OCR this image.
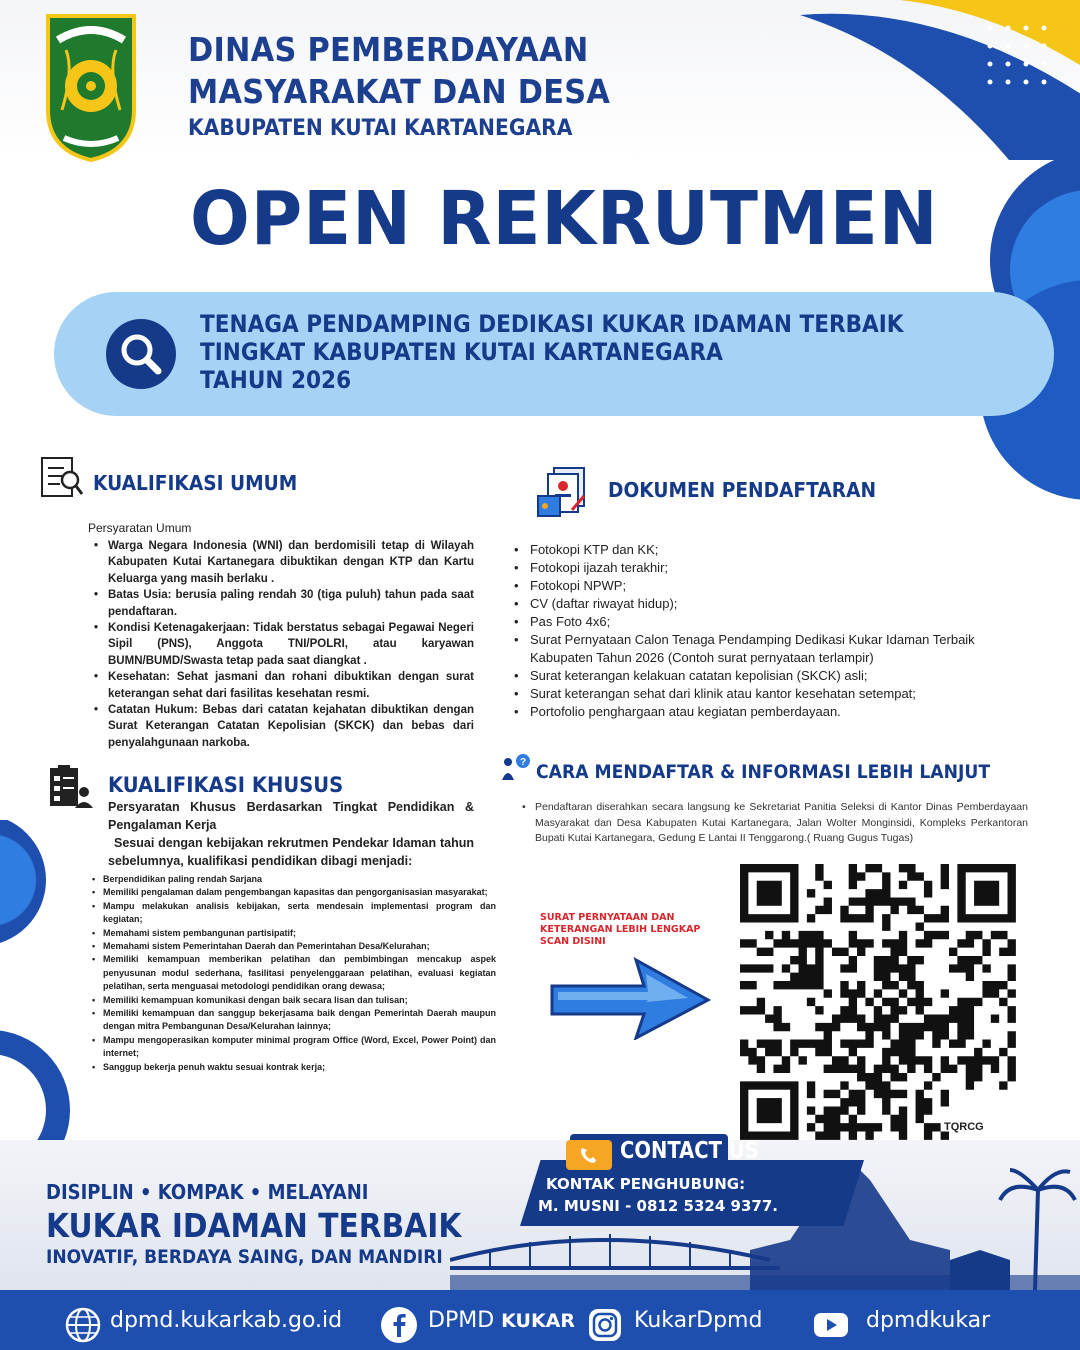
DINAS PEMBERDAYAAN
MASYARAKAT DAN DESA
KABUPATEN KUTAI KARTANEGARA
OPEN REKRUTMEN
TENAGA PENDAMPING DEDIKASI KUKAR IDAMAN TERBAIK
TINGKAT KABUPATEN KUTAI KARTANEGARA
TAHUN 2026
KUALIFIKASI UMUM
Persyaratan Umum
• Warga Negara Indonesia (WNI) dan berdomisili tetap di Wilayah Kabupaten Kutai Kartanegara dibuktikan dengan KTP dan Kartu Keluarga yang masih berlaku .
• Batas Usia: berusia paling rendah 30 (tiga puluh) tahun pada saat pendaftaran.
• Kondisi Ketenagakerjaan: Tidak berstatus sebagai Pegawai Negeri Sipil (PNS), Anggota TNI/POLRI, atau karyawan BUMN/BUMD/Swasta tetap pada saat diangkat .
• Kesehatan: Sehat jasmani dan rohani dibuktikan dengan surat keterangan sehat dari fasilitas kesehatan resmi.
• Catatan Hukum: Bebas dari catatan kejahatan dibuktikan dengan Surat Keterangan Catatan Kepolisian (SKCK) dan bebas dari penyalahgunaan narkoba.
KUALIFIKASI KHUSUS
Persyaratan Khusus Berdasarkan Tingkat Pendidikan & Pengalaman Kerja
Sesuai dengan kebijakan rekrutmen Pendekar Idaman tahun sebelumnya, kualifikasi pendidikan dibagi menjadi:
• Berpendidikan paling rendah Sarjana
• Memiliki pengalaman dalam pengembangan kapasitas dan pengorganisasian masyarakat;
• Mampu melakukan analisis kebijakan, serta mendesain implementasi program dan kegiatan;
• Memahami sistem pembangunan partisipatif;
• Memahami sistem Pemerintahan Daerah dan Pemerintahan Desa/Kelurahan;
• Memiliki kemampuan memberikan pelatihan dan pembimbingan mencakup aspek penyusunan modul sederhana, fasilitasi penyelenggaraan pelatihan, evaluasi kegiatan pelatihan, serta menguasai metodologi pendidikan orang dewasa;
• Memiliki kemampuan komunikasi dengan baik secara lisan dan tulisan;
• Memiliki kemampuan dan sanggup bekerjasama baik dengan Pemerintah Daerah maupun dengan mitra Pembangunan Desa/Kelurahan lainnya;
• Mampu mengoperasikan komputer minimal program Office (Word, Excel, Power Point) dan internet;
• Sanggup bekerja penuh waktu sesuai kontrak kerja;
DOKUMEN PENDAFTARAN
• Fotokopi KTP dan KK;
• Fotokopi ijazah terakhir;
• Fotokopi NPWP;
• CV (daftar riwayat hidup);
• Pas Foto 4x6;
• Surat Pernyataan Calon Tenaga Pendamping Dedikasi Kukar Idaman Terbaik Kabupaten Tahun 2026 (Contoh surat pernyataan terlampir)
• Surat keterangan kelakuan catatan kepolisian (SKCK) asli;
• Surat keterangan sehat dari klinik atau kantor kesehatan setempat;
• Portofolio penghargaan atau kegiatan pemberdayaan.
? CARA MENDAFTAR & INFORMASI LEBIH LANJUT
• Pendaftaran diserahkan secara langsung ke Sekretariat Panitia Seleksi di Kantor Dinas Pemberdayaan Masyarakat dan Desa Kabupaten Kutai Kartanegara, Jalan Wolter Monginsidi, Kompleks Perkantoran Bupati Kutai Kartanegara, Gedung E Lantai II Tenggarong.( Ruang Gugus Tugas)
SURAT PERNYATAAN DAN
KETERANGAN LEBIH LENGKAP
SCAN DISINI
TQRCG
DISIPLIN • KOMPAK • MELAYANI
KUKAR IDAMAN TERBAIK
INOVATIF, BERDAYA SAING, DAN MANDIRI
CONTACT US
KONTAK PENGHUBUNG:
M. MUSNI - 0812 5324 9377.
dpmd.kukarkab.go.id	DPMD KUKAR	KukarDpmd	dpmdkukar
